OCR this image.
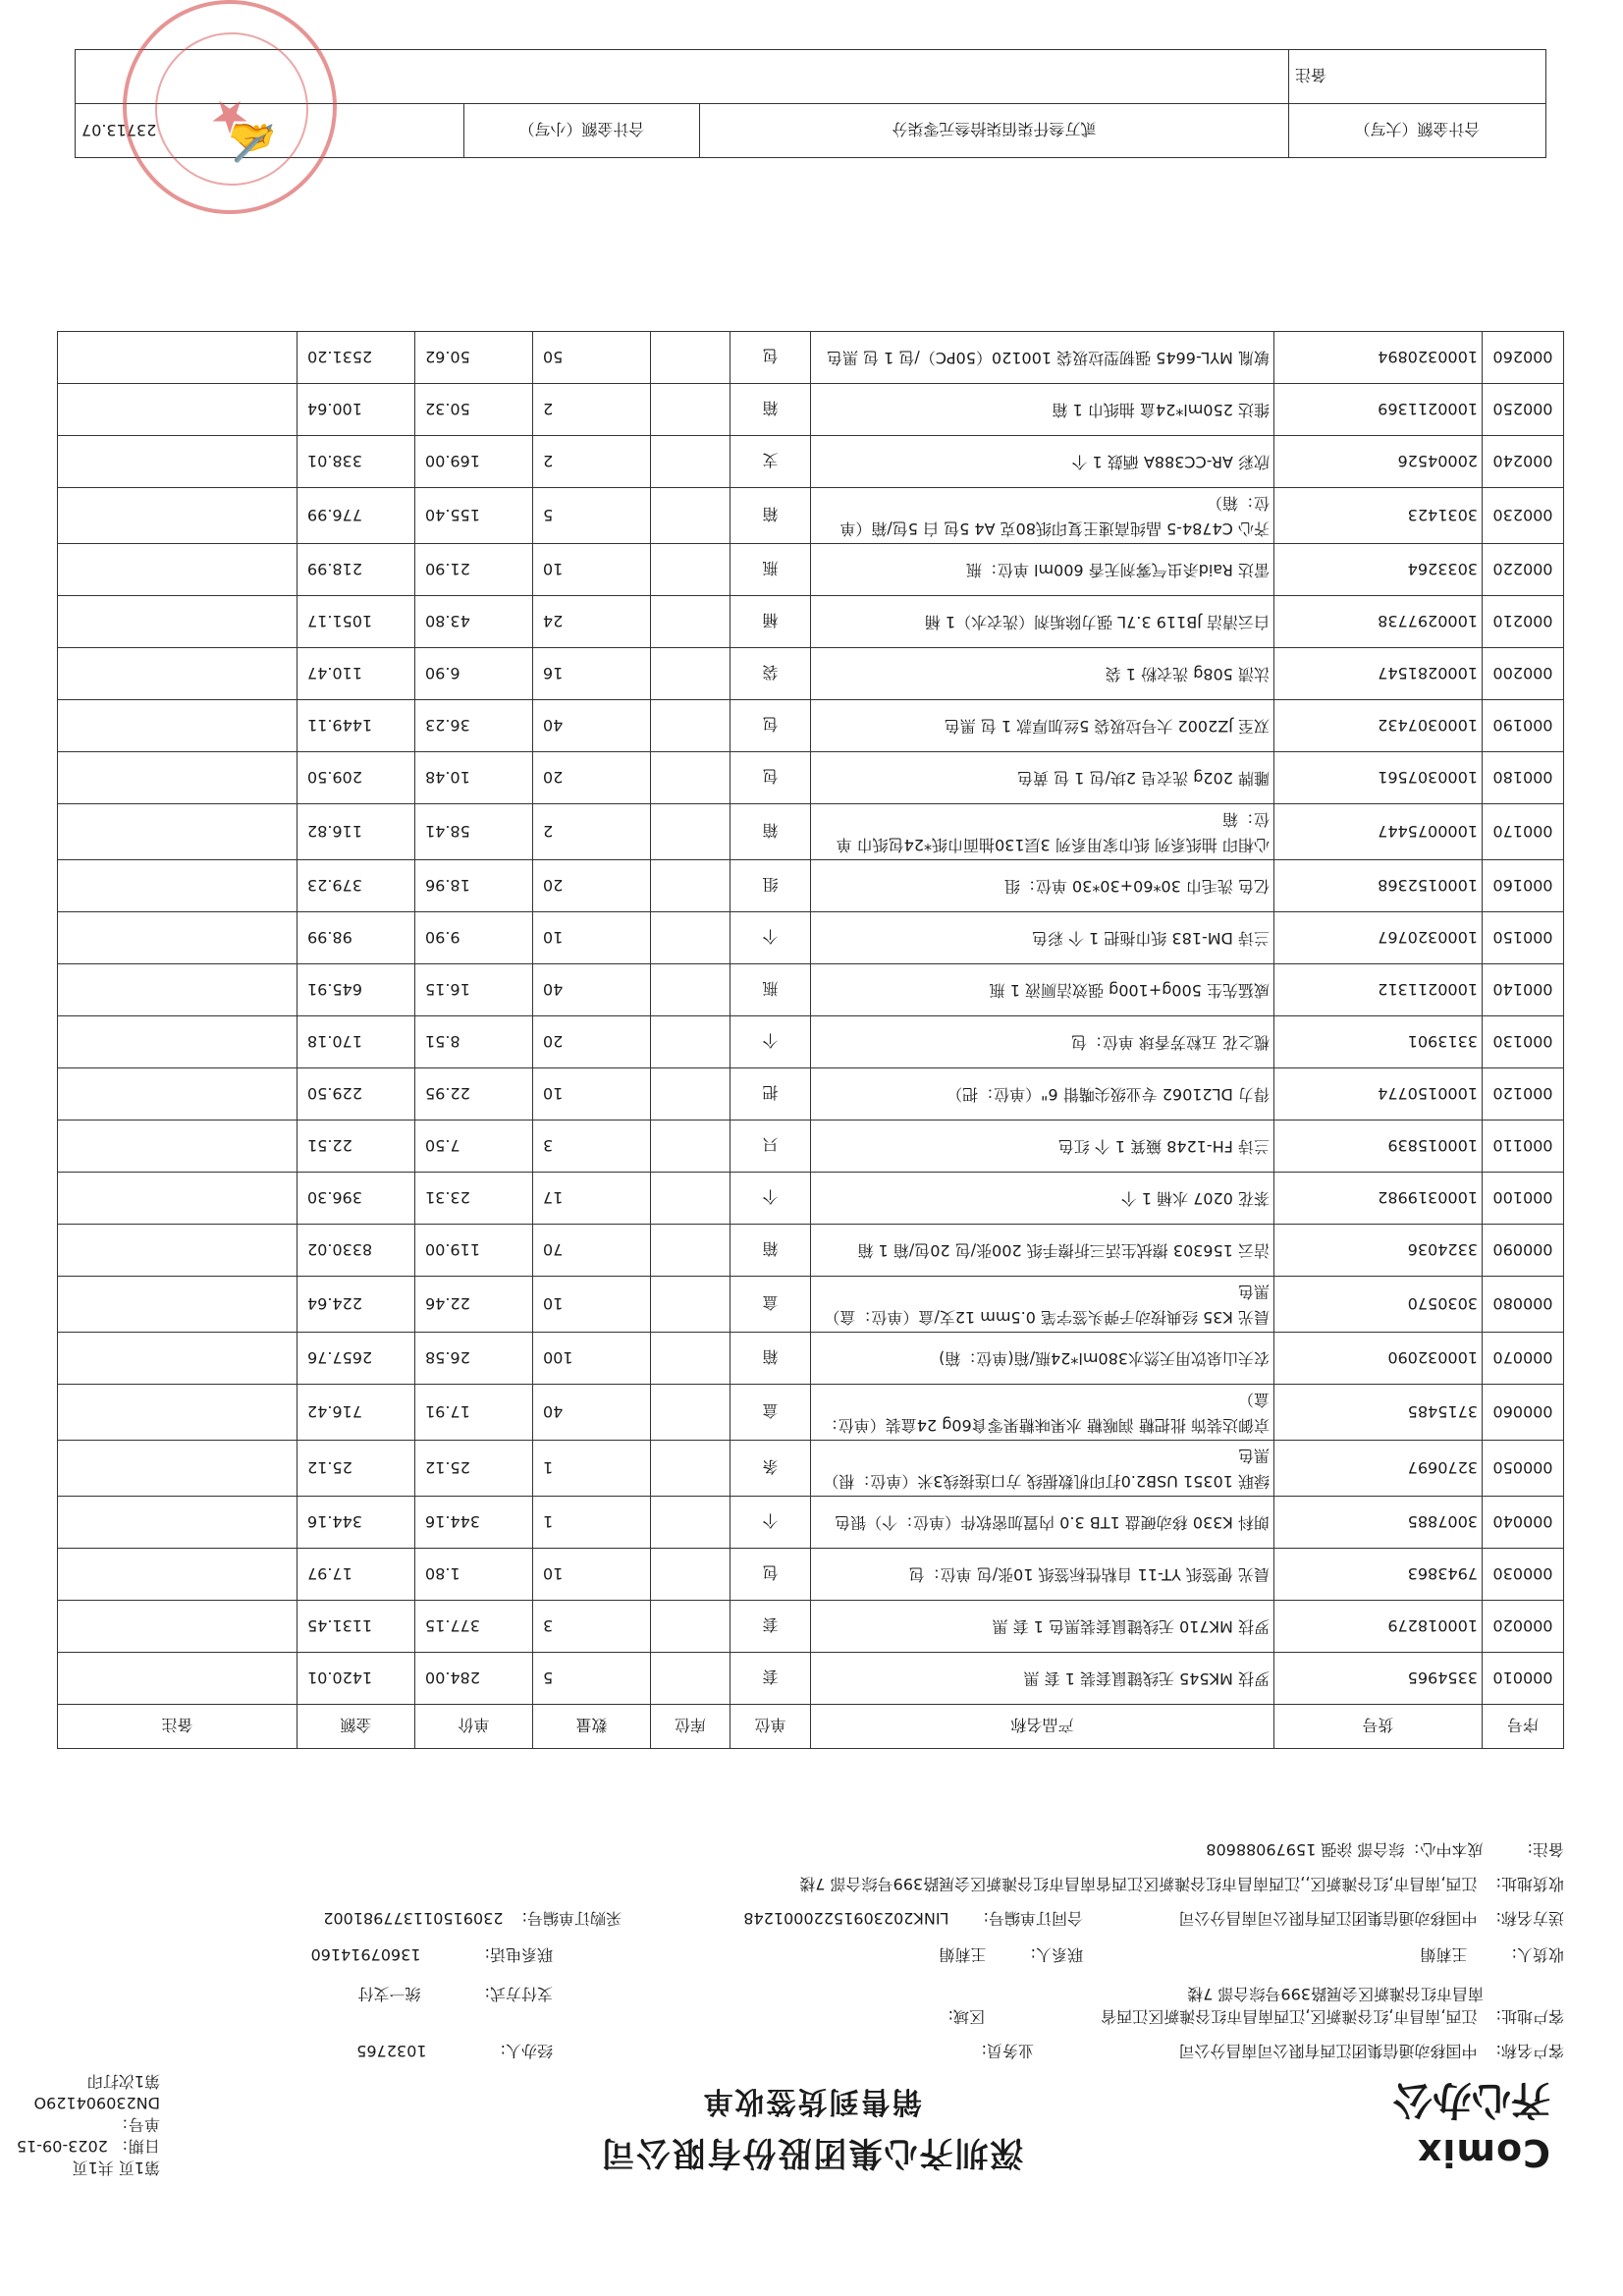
Comix
齐心办公
深圳齐心集团股份有限公司
销售到货签收单
第1页 共1页
日期： 2023-09-15
单号： DN230904129O
第1次打印
客户名称: 中国移动通信集团江西有限公司南昌分公司
业务员:
经办人: 1032765
客户地址: 江西,南昌市,红谷滩新区,江西南昌市红谷滩新区江西省
南昌市红谷滩新区会展路399号综合部 7楼
区域:
支付方式: 统一支付
收货人: 王莉娟
联系人: 王莉娟
联系电话: 13607914160
送方名称: 中国移动通信集团江西有限公司南昌分公司
合同订单编号: LINK20230915220001248
采购订单编号: 230915011377981002
收货地址: 江西,南昌市,红谷滩新区,,江西南昌市红谷滩新区江西省南昌市红谷滩新区会展路399号综合部 7楼
备注: 成本中心：综合部 涂强 15979088608
序号	货号	产品名称	单位	库位	数量	单价	金额	备注
000010	3354965	罗技 MK545 无线键鼠套装 1 套 黑	套		5	284.00	1420.01	
000020	100018279	罗技 MK710 无线键鼠套装黑色 1 套 黑	套		3	377.15	1131.45	
000030	7943863	晨光 便签纸 YT-11 自粘性标签纸 10张/包 单位：包	包		10	1.80	17.97	
000040	3007885	朗科 K330 移动硬盘 1TB 3.0 内置加密软件（单位：个）银色	个		1	344.16	344.16	
000050	3270697	绿联 10351 USB2.0打印机数据线 方口连接线3米（单位：根）黑色	条		1	25.12	25.12	
000060	3715485	京御达装饰 批把糖 润喉糖 水果味糖果零食60g 24盒装（单位：盒）	盒		40	17.91	716.42	
000070	100032090	农夫山泉饮用天然水380ml*24瓶/箱(单位：箱)	箱		100	26.58	2657.76	
000080	3030570	晨光 K35 经典按动子弹头签字笔 0.5mm 12支/盒（单位：盒）黑色	盒		10	22.46	224.64	
000090	3324036	洁云 156303 擦拭生活三折擦手纸 200张/包 20包/箱 1 箱	箱		70	119.00	8330.02	
000100	1000319982	茶花 0207 水桶 1 个	个		17	23.31	396.30	
000110	100015839	兰诗 FH-1248 簸箕 1 个 红色	只		3	7.50	22.51	
000120	1000150774	得力 DL21062 专业级尖嘴钳 6"（单位：把）	把		10	22.95	229.50	
000130	3313901	榄之花 五粒芳香球 单位：包	个		20	8.51	170.18	
000140	1000211312	威猛先生 500g+100g 强效洁厕液 1 瓶	瓶		40	16.15	645.91	
000150	1000320767	兰诗 DM-183 纸巾拖把 1 个 彩色	个		10	9.90	98.99	
000160	1000152368	亿色 洗毛巾 30*60+30*30 单位：组	组		20	18.96	379.23	
000170	1000075447	心相印 抽纸系列 纸巾家用系列 3层130抽面巾纸*24包纸巾 单位：箱	箱		2	58.41	116.82	
000180	1000307561	雕牌 202g 洗衣皂 2块/包 1 包 黄色	包		20	10.48	209.50	
000190	1000307432	双至 JZ2002 大号垃圾袋 5丝加厚款 1 包 黑色	包		40	36.23	1449.11	
000200	1000281547	汰渍 508g 洗衣粉 1 袋	袋		16	6.90	110.47	
000210	1000297738	白云清洁 JB119 3.7L 强力除垢剂（洗衣水）1 桶	桶		24	43.80	1051.17	
000220	3033264	雷达 Raid杀虫气雾剂无香 600ml 单位：瓶	瓶		10	21.90	218.99	
000230	3031423	齐心 C4784-5 晶纯高速王复印纸80克 A4 5包 白 5包/箱（单位：箱）	箱		5	155.40	776.99	
000240	20004526	欣彩 AR-CC388A 硒鼓 1 个	支		2	169.00	338.01	
000250	1000211369	维达 250ml*24盒 抽纸巾 1 箱	箱		2	50.32	100.64	
000260	1000320894	敏胤 MYL-6645 强韧型垃圾袋 100120（50PC）/包 1 包 黑色	包		50	50.62	2531.20	
合计金额（大写）	贰万叁仟柒佰柒拾叁元零柒分	合计金额（小写）	23713.07
备注			
★
✍
